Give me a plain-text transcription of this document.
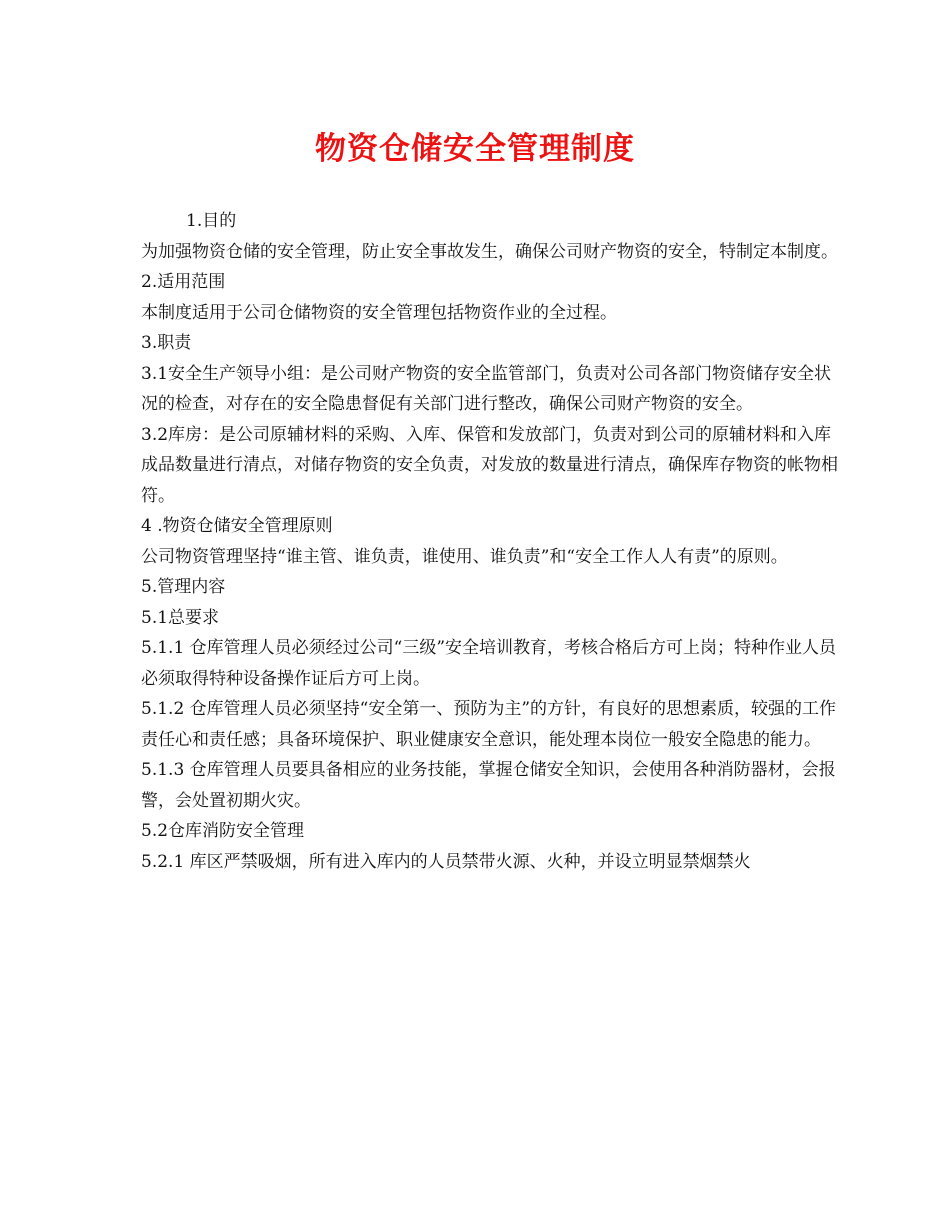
物资仓储安全管理制度

1.目的

为加强物资仓储的安全管理，防止安全事故发生，确保公司财产物资的安全，特制定本制度。

2.适用范围

本制度适用于公司仓储物资的安全管理包括物资作业的全过程。

3.职责

3.1安全生产领导小组：是公司财产物资的安全监管部门，负责对公司各部门物资储存安全状况的检查，对存在的安全隐患督促有关部门进行整改，确保公司财产物资的安全。

3.2库房：是公司原辅材料的采购、入库、保管和发放部门，负责对到公司的原辅材料和入库成品数量进行清点，对储存物资的安全负责，对发放的数量进行清点，确保库存物资的帐物相符。

4 .物资仓储安全管理原则

公司物资管理坚持“谁主管、谁负责，谁使用、谁负责”和“安全工作人人有责”的原则。

5.管理内容

5.1总要求

5.1.1 仓库管理人员必须经过公司“三级”安全培训教育，考核合格后方可上岗；特种作业人员必须取得特种设备操作证后方可上岗。

5.1.2 仓库管理人员必须坚持“安全第一、预防为主”的方针，有良好的思想素质，较强的工作责任心和责任感；具备环境保护、职业健康安全意识，能处理本岗位一般安全隐患的能力。

5.1.3 仓库管理人员要具备相应的业务技能，掌握仓储安全知识，会使用各种消防器材，会报警，会处置初期火灾。

5.2仓库消防安全管理

5.2.1 库区严禁吸烟，所有进入库内的人员禁带火源、火种，并设立明显禁烟禁火
